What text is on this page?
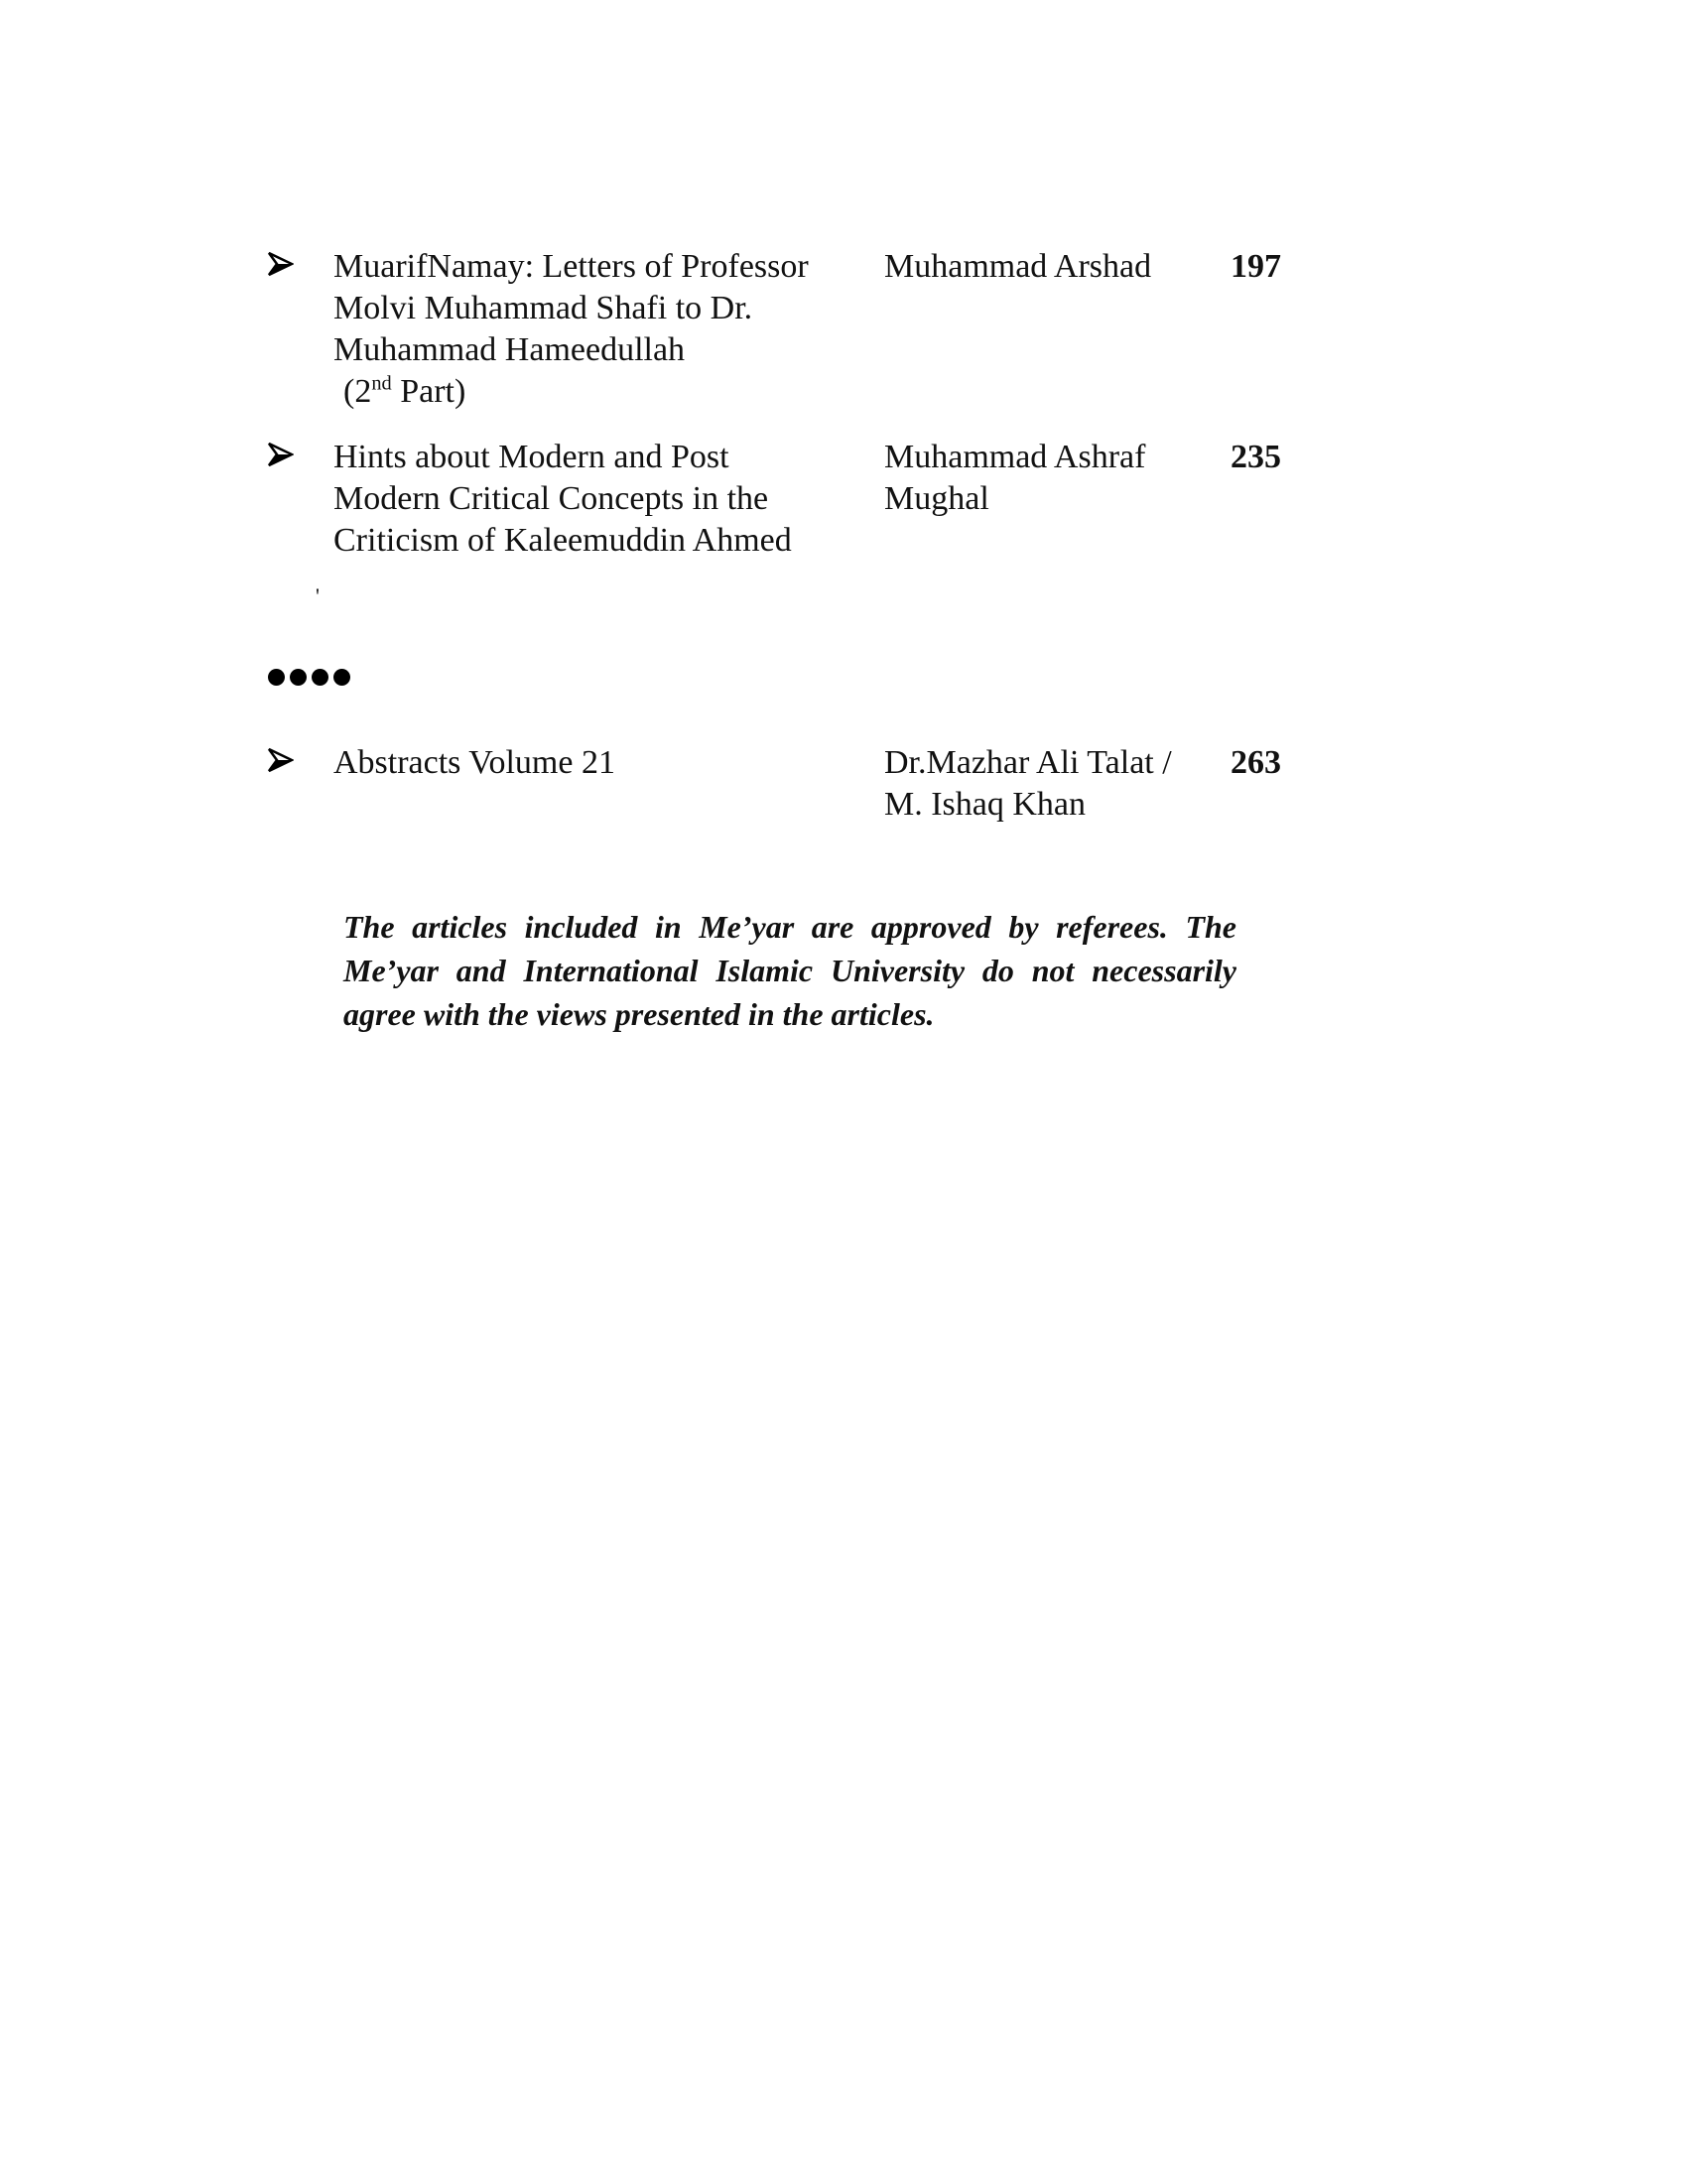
MuarifNamay: Letters of Professor
Molvi Muhammad Shafi to Dr.
Muhammad Hameedullah
(2nd Part)
Muhammad Arshad	197
Hints about Modern and Post
Modern Critical Concepts in the
Criticism of Kaleemuddin Ahmed
Muhammad Ashraf
Mughal
235
'
Abstracts Volume 21	Dr.Mazhar Ali Talat /
M. Ishaq Khan
263
The articles included in Me’yar are approved by referees. The Me’yar and International Islamic University do not necessarily agree with the views presented in the articles.
